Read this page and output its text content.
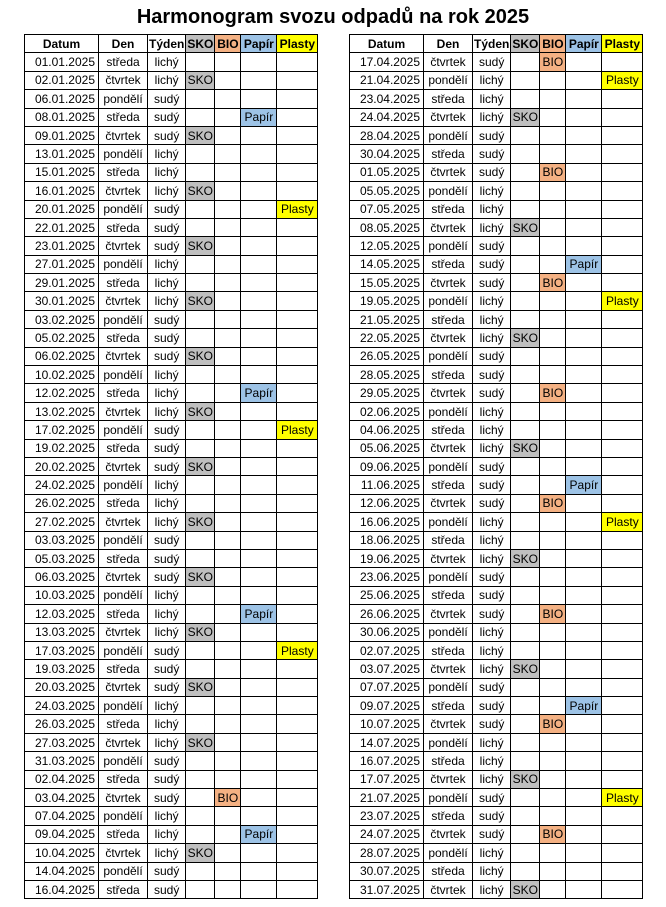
Harmonogram svozu odpadů na rok 2025
Datum	Den	Týden	SKO	BIO	Papír	Plasty
01.01.2025	středa	lichý				
02.01.2025	čtvrtek	lichý	SKO			
06.01.2025	pondělí	sudý				
08.01.2025	středa	sudý			Papír	
09.01.2025	čtvrtek	sudý	SKO			
13.01.2025	pondělí	lichý				
15.01.2025	středa	lichý				
16.01.2025	čtvrtek	lichý	SKO			
20.01.2025	pondělí	sudý				Plasty
22.01.2025	středa	sudý				
23.01.2025	čtvrtek	sudý	SKO			
27.01.2025	pondělí	lichý				
29.01.2025	středa	lichý				
30.01.2025	čtvrtek	lichý	SKO			
03.02.2025	pondělí	sudý				
05.02.2025	středa	sudý				
06.02.2025	čtvrtek	sudý	SKO			
10.02.2025	pondělí	lichý				
12.02.2025	středa	lichý			Papír	
13.02.2025	čtvrtek	lichý	SKO			
17.02.2025	pondělí	sudý				Plasty
19.02.2025	středa	sudý				
20.02.2025	čtvrtek	sudý	SKO			
24.02.2025	pondělí	lichý				
26.02.2025	středa	lichý				
27.02.2025	čtvrtek	lichý	SKO			
03.03.2025	pondělí	sudý				
05.03.2025	středa	sudý				
06.03.2025	čtvrtek	sudý	SKO			
10.03.2025	pondělí	lichý				
12.03.2025	středa	lichý			Papír	
13.03.2025	čtvrtek	lichý	SKO			
17.03.2025	pondělí	sudý				Plasty
19.03.2025	středa	sudý				
20.03.2025	čtvrtek	sudý	SKO			
24.03.2025	pondělí	lichý				
26.03.2025	středa	lichý				
27.03.2025	čtvrtek	lichý	SKO			
31.03.2025	pondělí	sudý				
02.04.2025	středa	sudý				
03.04.2025	čtvrtek	sudý		BIO		
07.04.2025	pondělí	lichý				
09.04.2025	středa	lichý			Papír	
10.04.2025	čtvrtek	lichý	SKO			
14.04.2025	pondělí	sudý				
16.04.2025	středa	sudý				
Datum	Den	Týden	SKO	BIO	Papír	Plasty
17.04.2025	čtvrtek	sudý		BIO		
21.04.2025	pondělí	lichý				Plasty
23.04.2025	středa	lichý				
24.04.2025	čtvrtek	lichý	SKO			
28.04.2025	pondělí	sudý				
30.04.2025	středa	sudý				
01.05.2025	čtvrtek	sudý		BIO		
05.05.2025	pondělí	lichý				
07.05.2025	středa	lichý				
08.05.2025	čtvrtek	lichý	SKO			
12.05.2025	pondělí	sudý				
14.05.2025	středa	sudý			Papír	
15.05.2025	čtvrtek	sudý		BIO		
19.05.2025	pondělí	lichý				Plasty
21.05.2025	středa	lichý				
22.05.2025	čtvrtek	lichý	SKO			
26.05.2025	pondělí	sudý				
28.05.2025	středa	sudý				
29.05.2025	čtvrtek	sudý		BIO		
02.06.2025	pondělí	lichý				
04.06.2025	středa	lichý				
05.06.2025	čtvrtek	lichý	SKO			
09.06.2025	pondělí	sudý				
11.06.2025	středa	sudý			Papír	
12.06.2025	čtvrtek	sudý		BIO		
16.06.2025	pondělí	lichý				Plasty
18.06.2025	středa	lichý				
19.06.2025	čtvrtek	lichý	SKO			
23.06.2025	pondělí	sudý				
25.06.2025	středa	sudý				
26.06.2025	čtvrtek	sudý		BIO		
30.06.2025	pondělí	lichý				
02.07.2025	středa	lichý				
03.07.2025	čtvrtek	lichý	SKO			
07.07.2025	pondělí	sudý				
09.07.2025	středa	sudý			Papír	
10.07.2025	čtvrtek	sudý		BIO		
14.07.2025	pondělí	lichý				
16.07.2025	středa	lichý				
17.07.2025	čtvrtek	lichý	SKO			
21.07.2025	pondělí	sudý				Plasty
23.07.2025	středa	sudý				
24.07.2025	čtvrtek	sudý		BIO		
28.07.2025	pondělí	lichý				
30.07.2025	středa	lichý				
31.07.2025	čtvrtek	lichý	SKO			
